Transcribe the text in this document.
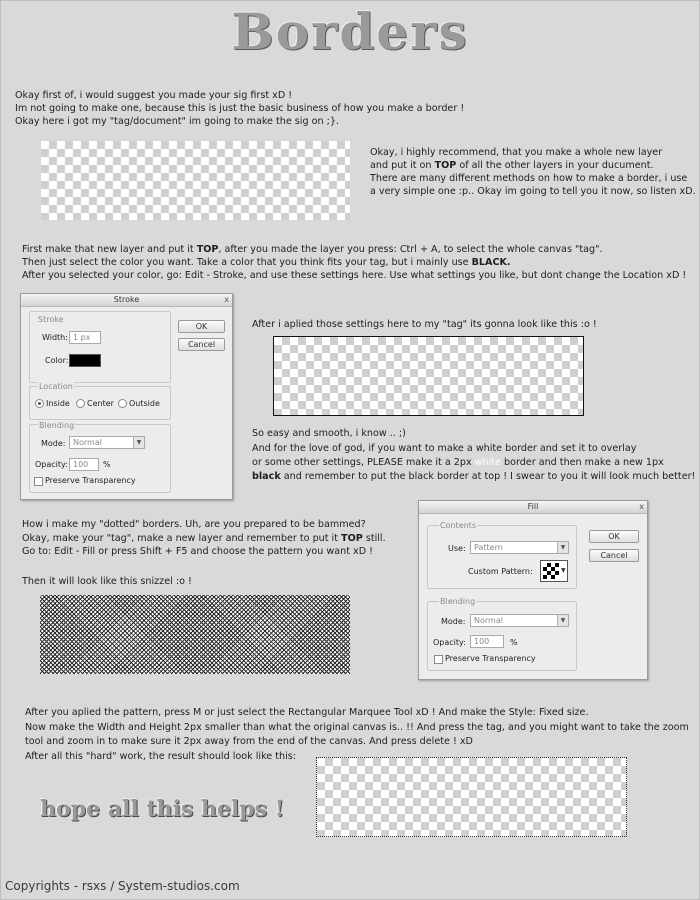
Borders
Okay first of, i would suggest you made your sig first xD !
Im not going to make one, because this is just the basic business of how you make a border !
Okay here i got my "tag/document" im going to make the sig on ;}.
Okay, i highly recommend, that you make a whole new layer
and put it on TOP of all the other layers in your ducument.
There are many different methods on how to make a border, i use
a very simple one :p.. Okay im going to tell you it now, so listen xD.
First make that new layer and put it TOP, after you made the layer you press: Ctrl + A, to select the whole canvas "tag".
Then just select the color you want. Take a color that you think fits your tag, but i mainly use BLACK.
After you selected your color, go: Edit - Stroke, and use these settings here. Use what settings you like, but dont change the Location xD !
Stroke	x
Stroke
Width: 1 px
Color:
Location
Inside	Center	Outside
Blending
Mode: Normal	▼
Opacity: 100	%
Preserve Transparency
OK
Cancel
After i aplied those settings here to my "tag" its gonna look like this :o !
So easy and smooth, i know .. ;)
And for the love of god, if you want to make a white border and set it to overlay
or some other settings, PLEASE make it a 2px white border and then make a new 1px
black and remember to put the black border at top ! I swear to you it will look much better!
How i make my "dotted" borders. Uh, are you prepared to be bammed?
Okay, make your "tag", make a new layer and remember to put it TOP still.
Go to: Edit - Fill or press Shift + F5 and choose the pattern you want xD !
Then it will look like this snizzel :o !
Fill	x
Contents
Use:	Pattern	▼
Custom Pattern:	▼
Blending
Mode:	Normal	▼
Opacity:	100	%
Preserve Transparency
OK
Cancel
After you aplied the pattern, press M or just select the Rectangular Marquee Tool xD ! And make the Style: Fixed size.
Now make the Width and Height 2px smaller than what the original canvas is.. !! And press the tag, and you might want to take the zoom
tool and zoom in to make sure it 2px away from the end of the canvas. And press delete ! xD
After all this "hard" work, the result should look like this:
hope all this helps !
Copyrights - rsxs / System-studios.com
